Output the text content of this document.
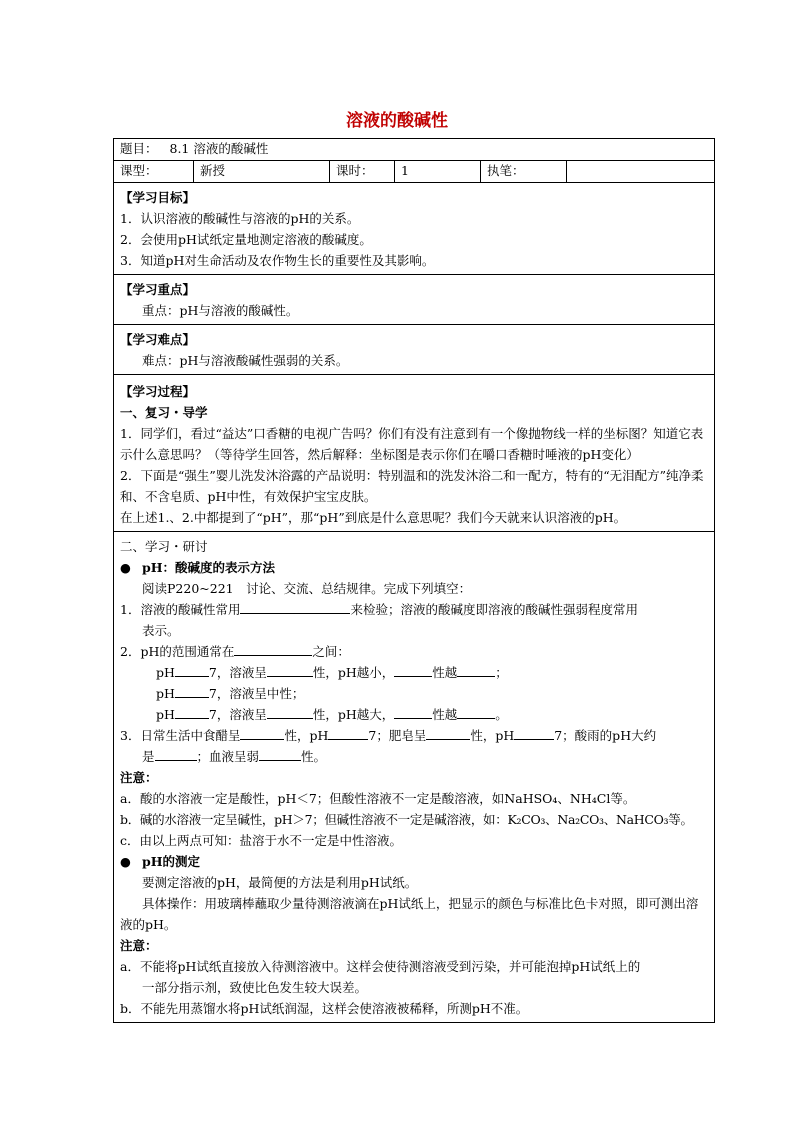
溶液的酸碱性
题目： 8.1 溶液的酸碱性
课型：	新授	课时：	1	执笔：

【学习目标】

1．认识溶液的酸碱性与溶液的pH的关系。

2．会使用pH试纸定量地测定溶液的酸碱度。

3．知道pH对生命活动及农作物生长的重要性及其影响。

【学习重点】

重点：pH与溶液的酸碱性。

【学习难点】

难点：pH与溶液酸碱性强弱的关系。

【学习过程】

一、复习・导学

1．同学们，看过“益达”口香糖的电视广告吗？你们有没有注意到有一个像抛物线一样的坐标图？知道它表示什么意思吗？（等待学生回答，然后解释：坐标图是表示你们在嚼口香糖时唾液的pH变化）

2．下面是“强生”婴儿洗发沐浴露的产品说明：特别温和的洗发沐浴二和一配方，特有的“无泪配方”纯净柔和、不含皂质、pH中性，有效保护宝宝皮肤。

在上述1.、2.中都提到了“pH”，那“pH”到底是什么意思呢？我们今天就来认识溶液的pH。

二、学习・研讨

● pH：酸碱度的表示方法

阅读P220~221　讨论、交流、总结规律。完成下列填空：

1．溶液的酸碱性常用	来检验；溶液的酸碱度即溶液的酸碱性强弱程度常用

表示。

2．pH的范围通常在	之间：

pH	7，溶液呈	性，pH越小，	性越	；

pH	7，溶液呈中性；

pH	7，溶液呈	性，pH越大，	性越	。

3．日常生活中食醋呈	性，pH	7；肥皂呈	性，pH	7；酸雨的pH大约

是	；血液呈弱	性。

注意：

a．酸的水溶液一定是酸性，pH＜7；但酸性溶液不一定是酸溶液，如NaHSO₄、NH₄Cl等。

b．碱的水溶液一定呈碱性，pH＞7；但碱性溶液不一定是碱溶液，如：K₂CO₃、Na₂CO₃、NaHCO₃等。

c．由以上两点可知：盐溶于水不一定是中性溶液。

● pH的测定

要测定溶液的pH，最简便的方法是利用pH试纸。

具体操作：用玻璃棒蘸取少量待测溶液滴在pH试纸上，把显示的颜色与标准比色卡对照，即可测出溶液的pH。

注意：

a．不能将pH试纸直接放入待测溶液中。这样会使待测溶液受到污染，并可能泡掉pH试纸上的

一部分指示剂，致使比色发生较大误差。

b．不能先用蒸馏水将pH试纸润湿，这样会使溶液被稀释，所测pH不准。
